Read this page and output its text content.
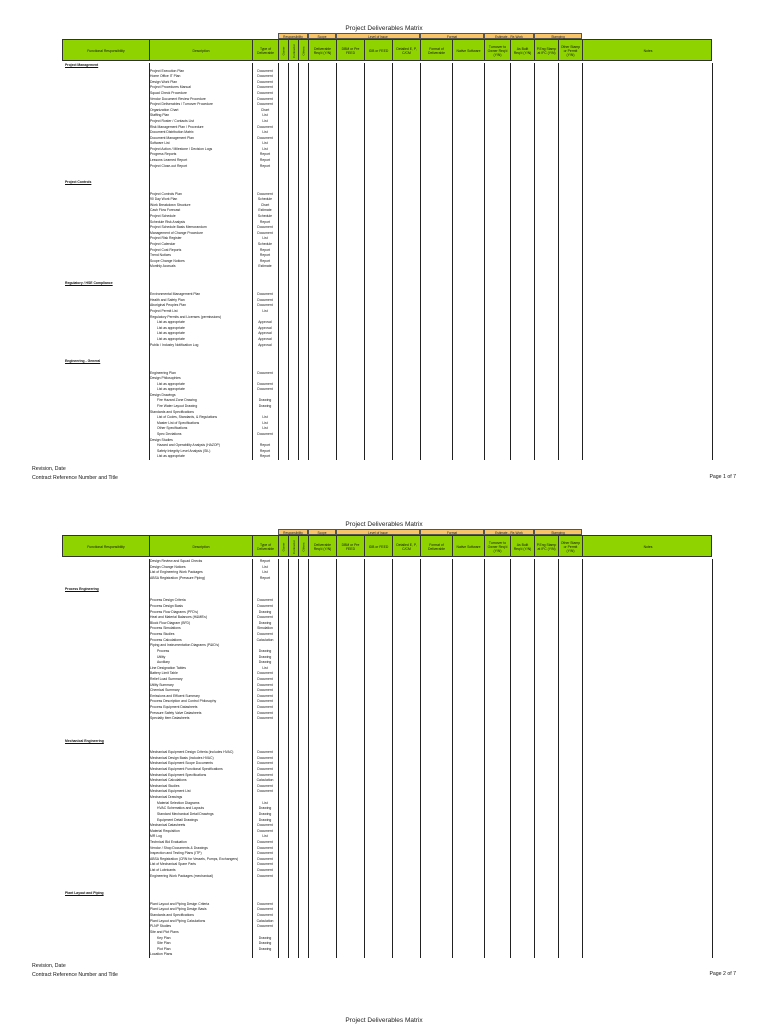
Project Deliverables Matrix
Responsibility	Scope	Level of Issue	Format	Estimate - Re-Work	Stamping
Functional Responsibility	Description	Type of Deliverable	Owner Contractor Others	Deliverable Req'd (Y/N)
DBM or Pre FEED	IDB or FEED	Detailed E, P, C/CM
Format of Deliverable	Native Software
Turnover to Owner Req'd (Y/N)
As Built Req'd (Y/N)
P.Eng Stamp at IFC (Y/N)
Other Stamp or Permit (Y/N)
Notes
Project Management
Project Execution Plan	Document
Home Office IT Plan	Document
Design Work Plan	Document
Project Procedures Manual	Document
Squad Check Procedure	Document
Vendor Document Review Procedure	Document
Project Deliverables / Turnover Procedure	Document
Organization Chart	Chart
Staffing Plan	List
Project Roster / Contacts List	List
Risk Management Plan / Procedure	Document
Document Distribution Matrix	List
Document Management Plan	Document
Software List	List
Project Action / Milestone / Decision Logs	List
Progress Reports	Report
Lessons Learned Report	Report
Project Close-out Report	Report
Project Controls
Project Controls Plan	Document
90 Day Work Plan	Schedule
Work Breakdown Structure	Chart
Cash Flow Forecast	Estimate
Project Schedule	Schedule
Schedule Risk Analysis	Report
Project Schedule Basis Memorandum	Document
Management of Change Procedure	Document
Project Risk Register	List
Project Calendar	Schedule
Project Cost Reports	Report
Trend Notices	Report
Scope Change Notices	Report
Monthly Accruals	Estimate
Regulatory / HSE Compliance
Environmental Management Plan	Document
Health and Safety Plan	Document
Aboriginal Peoples Plan	Document
Project Permit List	List
Regulatory Permits and Licenses (permissions)
List as appropriate	Approval
List as appropriate	Approval
List as appropriate	Approval
List as appropriate	Approval
Public / Industry Notification Log	Approval
Engineering - General
Engineering Plan	Document
Design Philosophies
List as appropriate	Document
List as appropriate	Document
Design Drawings
Fire Hazard Zone Drawing	Drawing
Fire Water Layout Drawing	Drawing
Standards and Specifications
List of Codes, Standards, & Regulations	List
Master List of Specifications	List
Other Specifications	List
Spec Deviations	Document
Design Studies
Hazard and Operability Analysis (HAZOP)	Report
Safety Integrity Level Analysis (SIL)	Report
List as appropriate	Report
Revision, Date
Contract Reference Number and Title	Page 1 of 7
Project Deliverables Matrix
Responsibility	Scope	Level of Issue	Format	Estimate - Re-Work	Stamping
Functional Responsibility	Description	Type of Deliverable	Owner Contractor Others	Deliverable Req'd (Y/N)
DBM or Pre FEED	IDB or FEED	Detailed E, P, C/CM
Format of Deliverable	Native Software
Turnover to Owner Req'd (Y/N)
As Built Req'd (Y/N)
P.Eng Stamp at IFC (Y/N)
Other Stamp or Permit (Y/N)
Notes
Design Review and Squad Checks	Report
Design Change Notices	List
List of Engineering Work Packages	List
ABSA Registration (Pressure Piping)	Report
Process Engineering
Process Design Criteria	Document
Process Design Basis	Document
Process Flow Diagrams (PFD's)	Drawing
Heat and Material Balances (H&MB's)	Document
Block Flow Diagram (BFD)	Drawing
Process Simulations	Simulation
Process Studies	Document
Process Calculations	Calculation
Piping and Instrumentation Diagrams (P&ID's)
Process	Drawing
Utility	Drawing
Auxiliary	Drawing
Line Designation Tables	List
Battery Limit Table	Document
Relief Load Summary	Document
Utility Summary	Document
Chemical Summary	Document
Emissions and Effluent Summary	Document
Process Description and Control Philosophy	Document
Process Equipment Datasheets	Document
Pressure Safety Valve Datasheets	Document
Specialty Item Datasheets	Document
Mechanical Engineering
Mechanical Equipment Design Criteria (includes HVAC)	Document
Mechanical Design Basis (includes HVAC)	Document
Mechanical Equipment Scope Documents	Document
Mechanical Equipment Functional Specifications	Document
Mechanical Equipment Specifications	Document
Mechanical Calculations	Calculation
Mechanical Studies	Document
Mechanical Equipment List	Document
Mechanical Drawings
Material Selection Diagrams	List
HVAC Schematics and Layouts	Drawing
Standard Mechanical Detail Drawings	Drawing
Equipment Detail Drawings	Drawing
Mechanical Datasheets	Document
Material Requisition	Document
MR Log	List
Technical Bid Evaluation	Document
Vendor / Shop Documents & Drawings	Document
Inspection and Testing Plans (ITP)	Document
ABSA Registration (CRN for Vessels, Pumps, Exchangers)	Document
List of Mechanical Spare Parts	Document
List of Lubricants	Document
Engineering Work Packages (mechanical)	Document
Plant Layout and Piping
Plant Layout and Piping Design Criteria	Document
Plant Layout and Piping Design Basis	Document
Standards and Specifications	Document
Plant Layout and Piping Calculations	Calculation
PLNP Studies	Document
Site and Plot Plans
Key Plan	Drawing
Site Plan	Drawing
Plot Plan	Drawing
Location Plans
Revision, Date
Contract Reference Number and Title	Page 2 of 7
Project Deliverables Matrix
